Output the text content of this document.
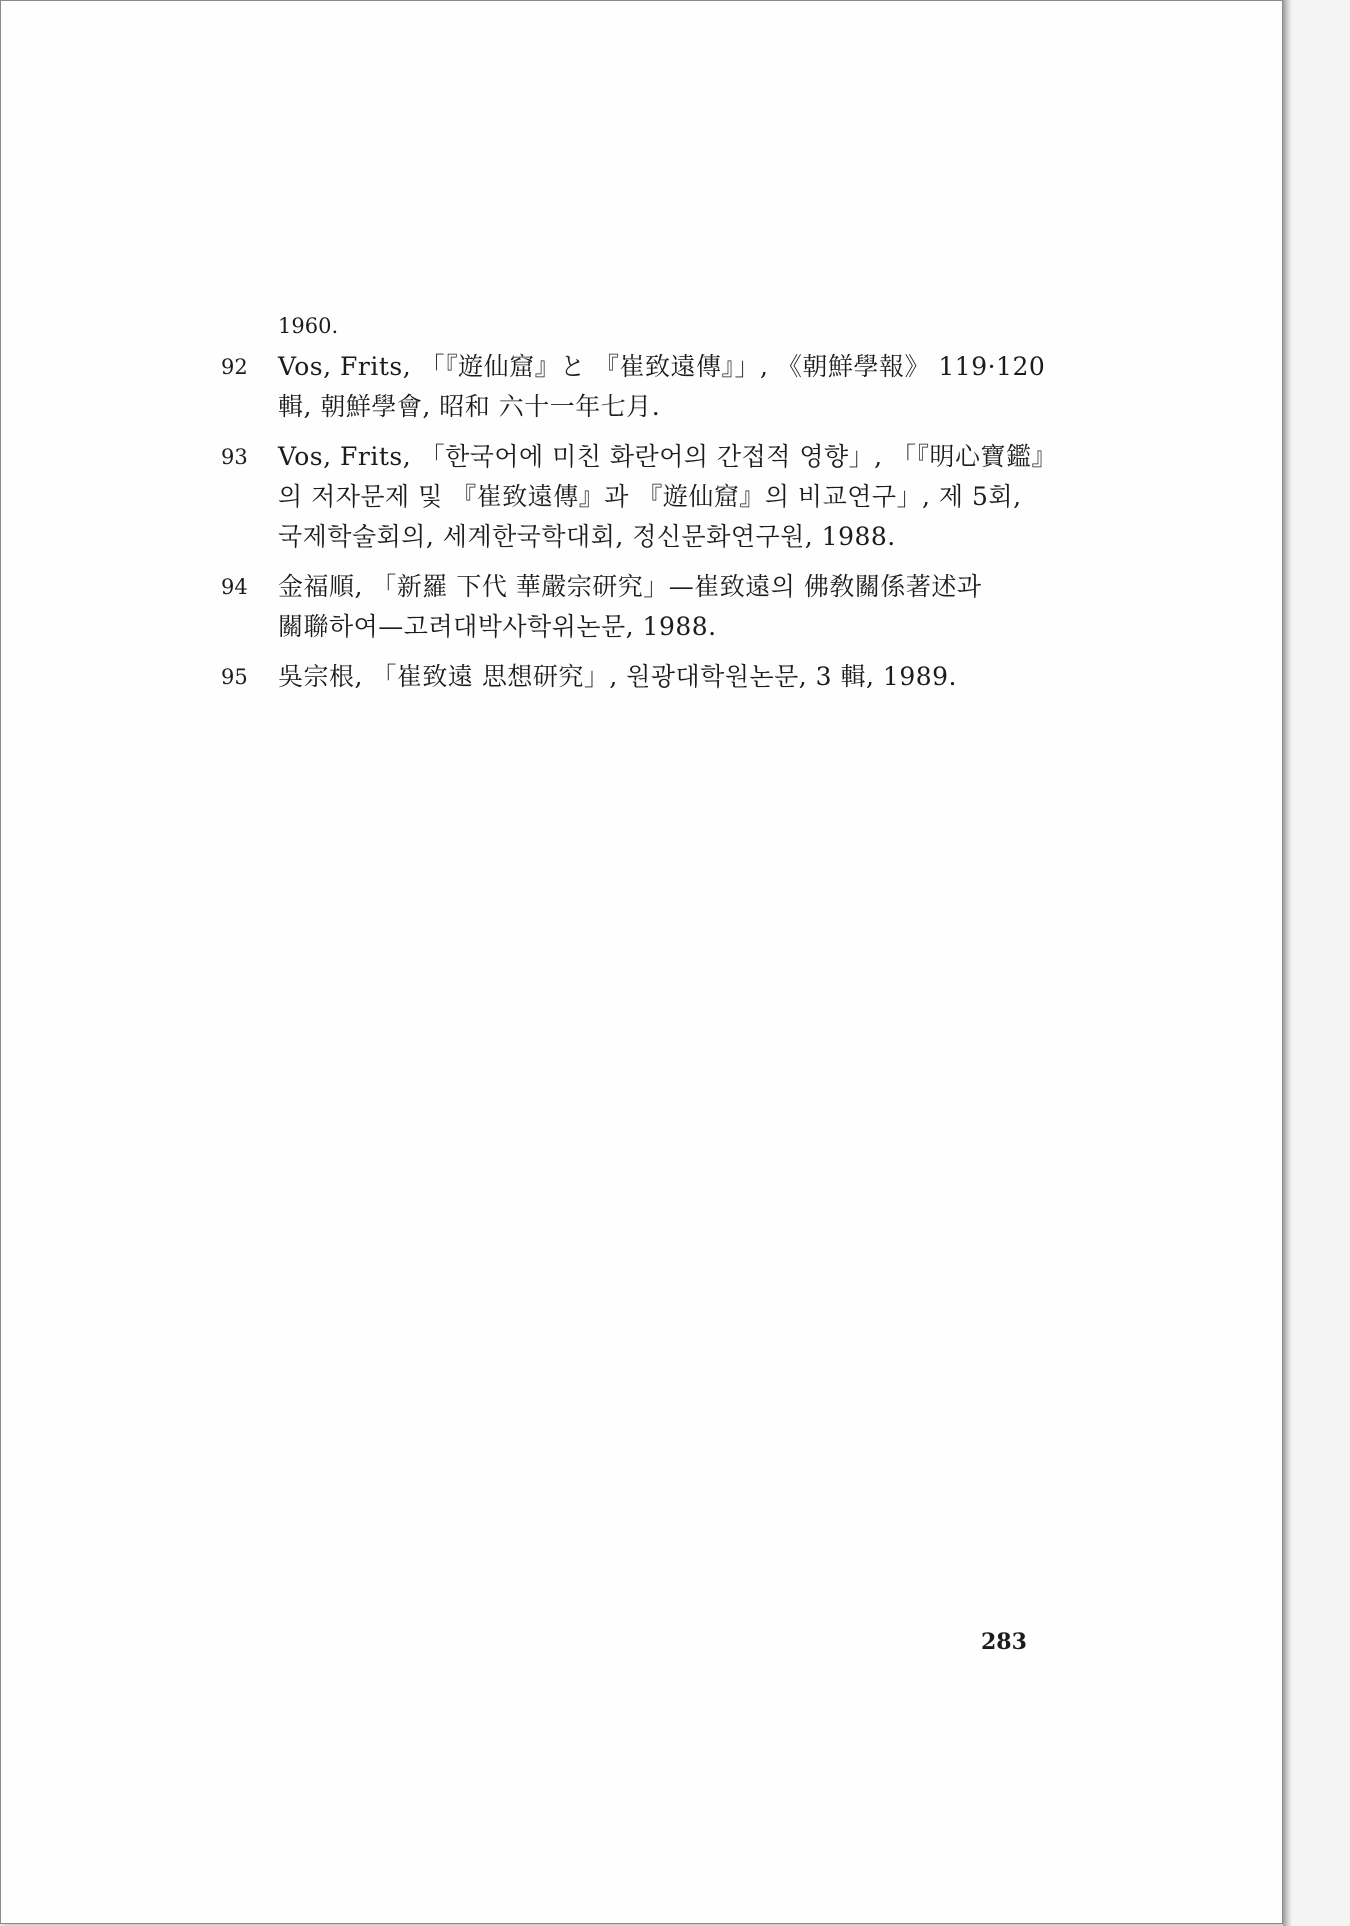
1960.
92	Vos, Frits, 「『遊仙窟』と 『崔致遠傳』」, 《朝鮮學報》 119·120 輯, 朝鮮學會, 昭和 六十一年七月.
93	Vos, Frits, 「한국어에 미친 화란어의 간접적 영향」, 「『明心寶鑑』의 저자문제 및 『崔致遠傳』과 『遊仙窟』의 비교연구」, 제 5회, 국제학술회의, 세계한국학대회, 정신문화연구원, 1988.
94	金福順, 「新羅 下代 華嚴宗研究」—崔致遠의 佛敎關係著述과 關聯하여—고려대박사학위논문, 1988.
95	吳宗根, 「崔致遠 思想研究」, 원광대학원논문, 3 輯, 1989.
283
